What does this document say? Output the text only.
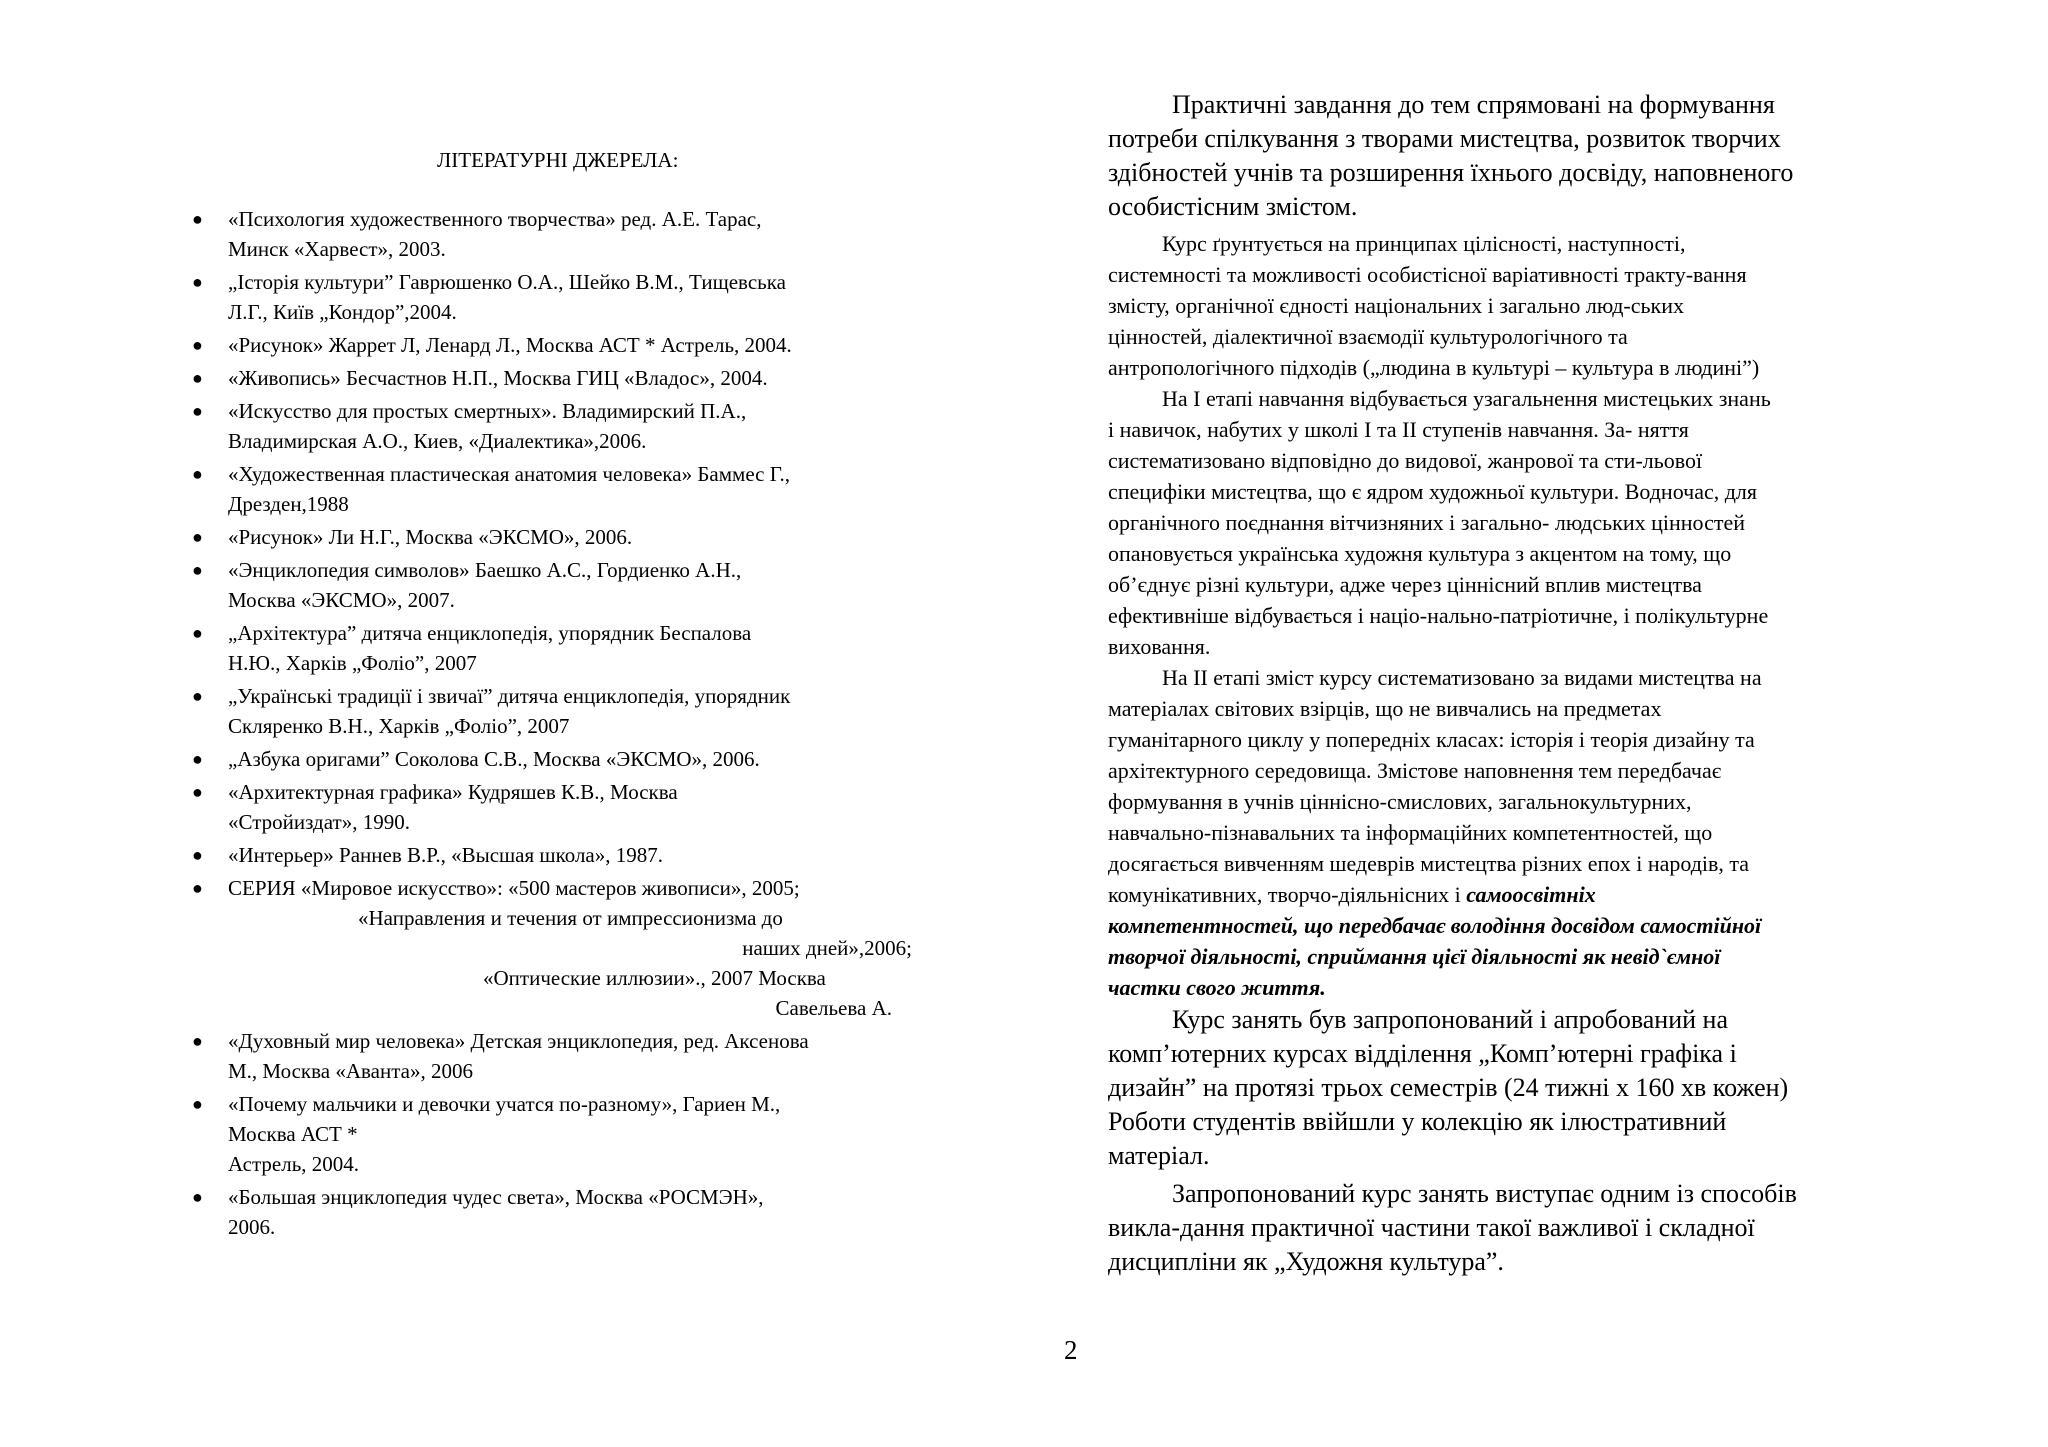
ЛІТЕРАТУРНІ ДЖЕРЕЛА:
● «Психология художественного творчества» ред. А.Е. Тарас,
Минск «Харвест», 2003.
● „Історія культури” Гаврюшенко О.А., Шейко В.М., Тищевська
Л.Г., Київ „Кондор”,2004.
● «Рисунок» Жаррет Л, Ленард Л., Москва АСТ * Астрель, 2004.
● «Живопись» Бесчастнов Н.П., Москва ГИЦ «Владос», 2004.
● «Искусство для простых смертных». Владимирский П.А.,
Владимирская А.О., Киев, «Диалектика»,2006.
● «Художественная пластическая анатомия человека» Баммес Г.,
Дрезден,1988
● «Рисунок» Ли Н.Г., Москва «ЭКСМО», 2006.
● «Энциклопедия символов» Баешко А.С., Гордиенко А.Н.,
Москва «ЭКСМО», 2007.
● „Архітектура” дитяча енциклопедія, упорядник Беспалова
Н.Ю., Харків „Фоліо”, 2007
● „Українські традиції і звичаї” дитяча енциклопедія, упорядник
Скляренко В.Н., Харків „Фоліо”, 2007
● „Азбука оригами” Соколова С.В., Москва «ЭКСМО», 2006.
● «Архитектурная графика» Кудряшев К.В., Москва
«Стройиздат», 1990.
● «Интерьер» Раннев В.Р., «Высшая школа», 1987.
● СЕРИЯ «Мировое искусство»: «500 мастеров живописи», 2005;
«Направления и течения от импрессионизма до
наших дней»,2006;
«Оптические иллюзии»., 2007 Москва
Савельева А.
● «Духовный мир человека» Детская энциклопедия, ред. Аксенова
М., Москва «Аванта», 2006
● «Почему мальчики и девочки учатся по-разному», Гариен М.,
Москва АСТ *
Астрель, 2004.
● «Большая энциклопедия чудес света», Москва «РОСМЭН»,
2006.
Практичні завдання до тем спрямовані на формування
потреби спілкування з творами мистецтва, розвиток творчих
здібностей учнів та розширення їхнього досвіду, наповненого
особистісним змістом.
Курс ґрунтується на принципах цілісності, наступності,
системності та можливості особистісної варіативності тракту-вання
змісту, органічної єдності національних і загально люд-ських
цінностей, діалектичної взаємодії культурологічного та
антропологічного підходів („людина в культурі – культура в людині”)
На І етапі навчання відбувається узагальнення мистецьких знань
і навичок, набутих у школі І та ІІ ступенів навчання. За- няття
систематизовано відповідно до видової, жанрової та сти-льової
специфіки мистецтва, що є ядром художньої культури. Водночас, для
органічного поєднання вітчизняних і загально- людських цінностей
опановується українська художня культура з акцентом на тому, що
об’єднує різні культури, адже через ціннісний вплив мистецтва
ефективніше відбувається і націо-нально-патріотичне, і полікультурне
виховання.
На ІІ етапі зміст курсу систематизовано за видами мистецтва на
матеріалах світових взірців, що не вивчались на предметах
гуманітарного циклу у попередніх класах: історія і теорія дизайну та
архітектурного середовища. Змістове наповнення тем передбачає
формування в учнів ціннісно-смислових, загальнокультурних,
навчально-пізнавальних та інформаційних компетентностей, що
досягається вивченням шедеврів мистецтва різних епох і народів, та
комунікативних, творчо-діяльнісних і самоосвітніх
компетентностей, що передбачає володіння досвідом самостійної
творчої діяльності, сприймання цієї діяльності як невід`ємної
частки свого життя.
Курс занять був запропонований і апробований на
комп’ютерних курсах відділення „Комп’ютерні графіка і
дизайн” на протязі трьох семестрів (24 тижні х 160 хв кожен)
Роботи студентів ввійшли у колекцію як ілюстративний
матеріал.
Запропонований курс занять виступає одним із способів
викла-дання практичної частини такої важливої і складної
дисципліни як „Художня культура”.
2
